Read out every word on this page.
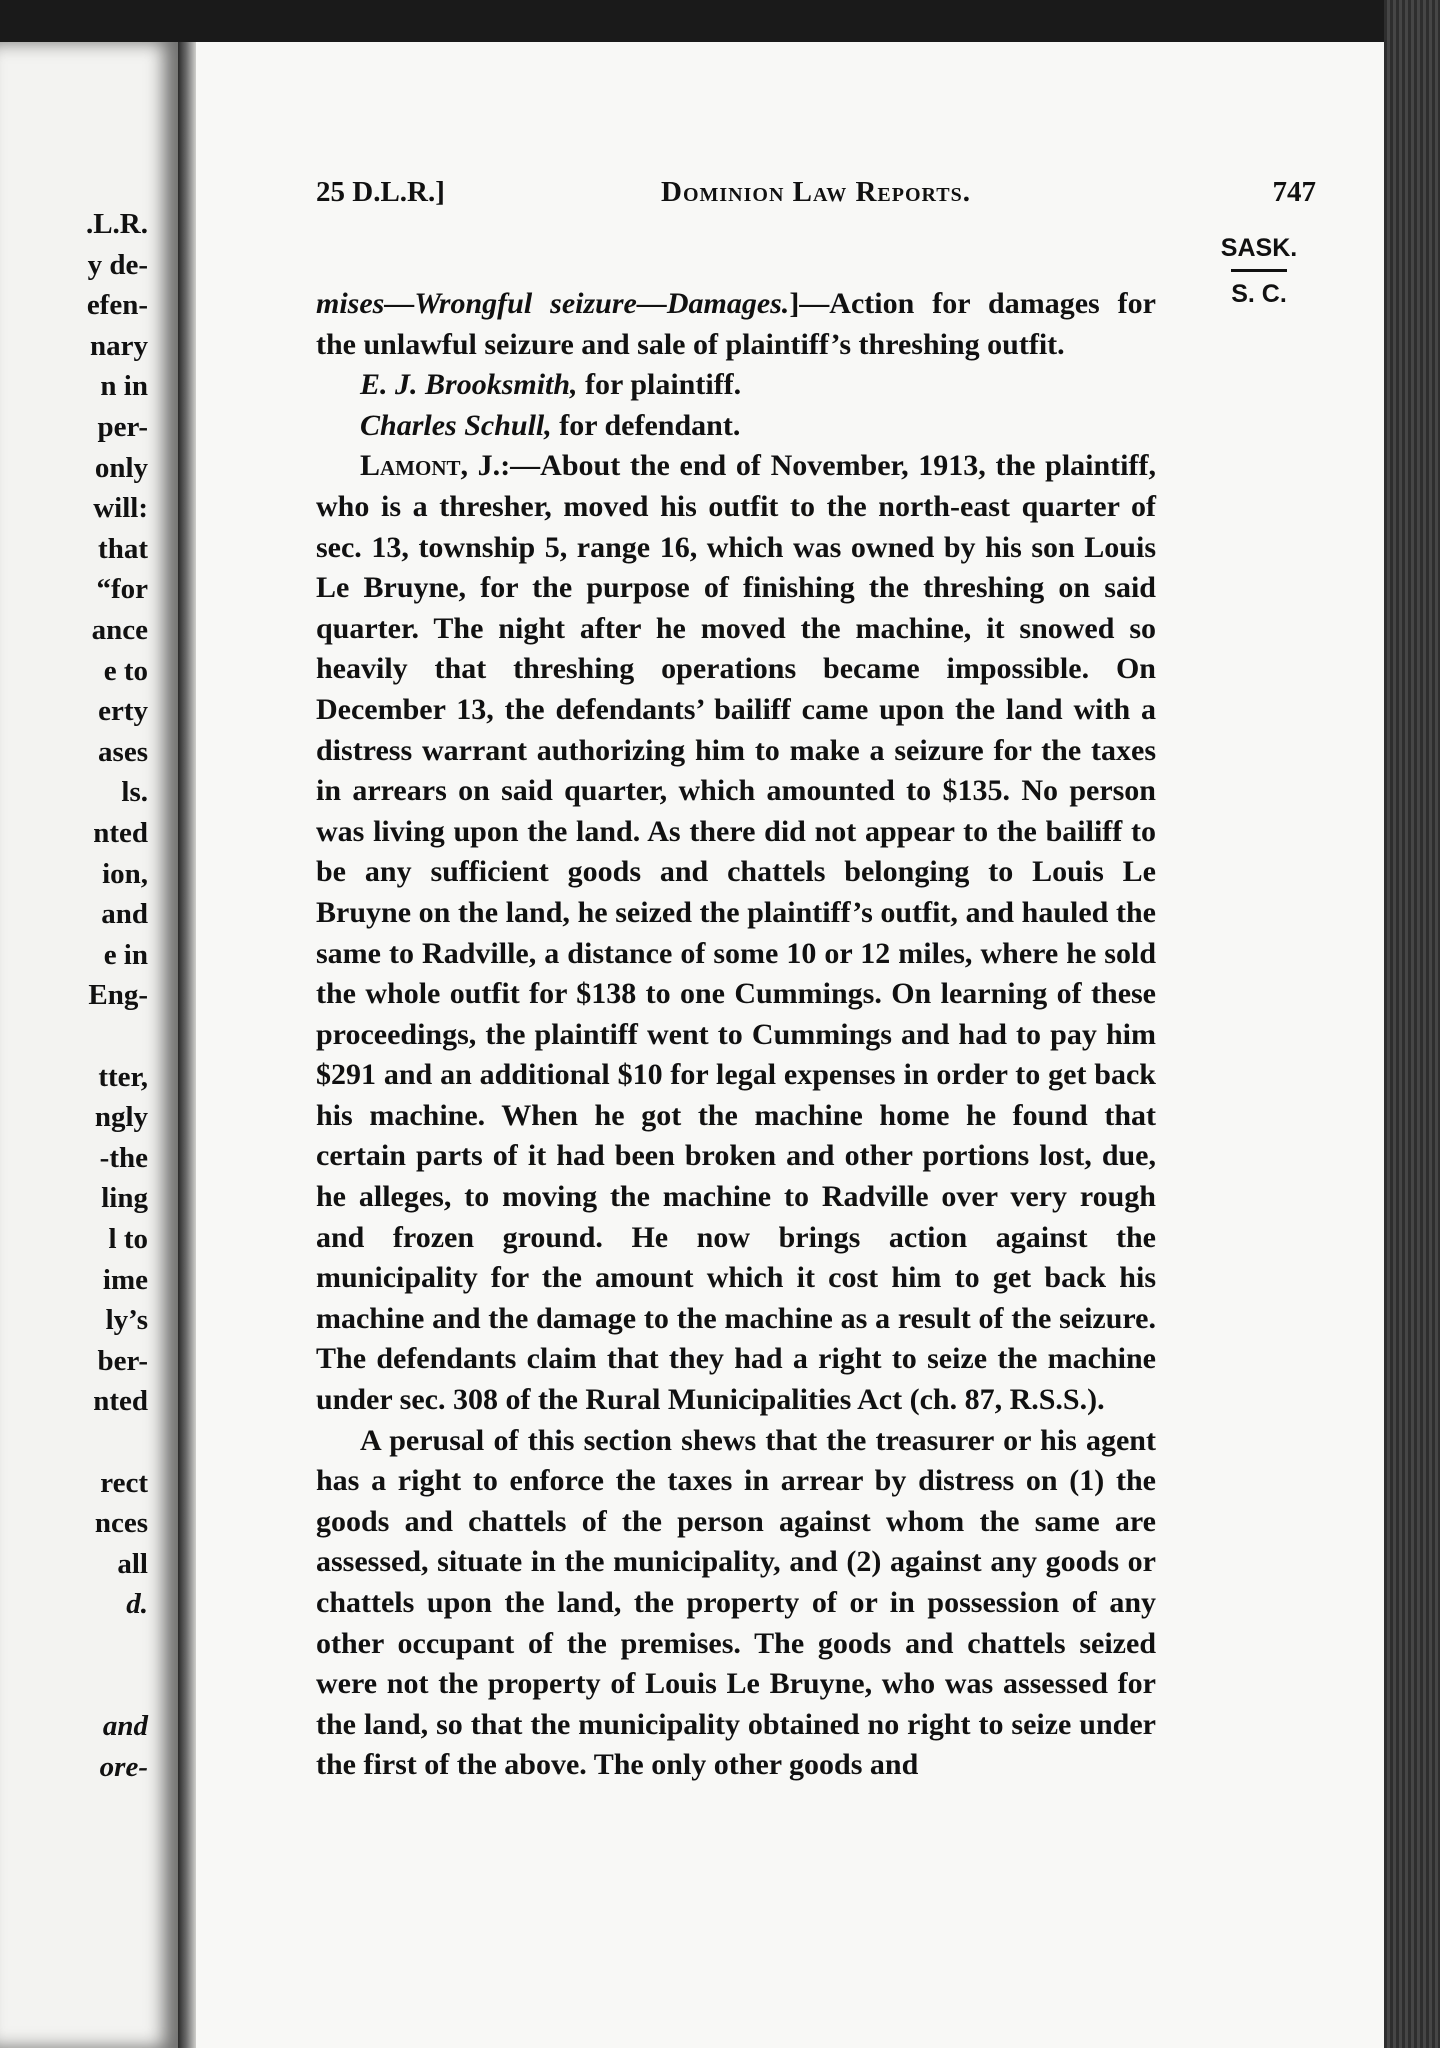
.L.R.
y de-
efen-
nary
n in
per-
only
will:
that
“for
ance
e to
erty
ases
ls.
nted
ion,
and
e in
Eng-
tter,
ngly
-the
ling
l to
ime
ly’s
ber-
nted
rect
nces
all
d.
and
ore-
25 D.L.R.]	Dominion Law Reports.	747
SASK.
S. C.

mises—Wrongful seizure—Damages.]—Action for damages for the unlawful seizure and sale of plaintiff’s threshing outfit.

E. J. Brooksmith, for plaintiff.

Charles Schull, for defendant.

Lamont, J.:—About the end of November, 1913, the plaintiff, who is a thresher, moved his outfit to the north-east quarter of sec. 13, township 5, range 16, which was owned by his son Louis Le Bruyne, for the purpose of finishing the threshing on said quarter. The night after he moved the machine, it snowed so heavily that threshing operations became impossible. On December 13, the defendants’ bailiff came upon the land with a distress warrant authorizing him to make a seizure for the taxes in arrears on said quarter, which amounted to $135. No person was living upon the land. As there did not appear to the bailiff to be any sufficient goods and chattels belonging to Louis Le Bruyne on the land, he seized the plaintiff’s outfit, and hauled the same to Radville, a distance of some 10 or 12 miles, where he sold the whole outfit for $138 to one Cummings. On learning of these proceedings, the plaintiff went to Cummings and had to pay him $291 and an additional $10 for legal expenses in order to get back his machine. When he got the machine home he found that certain parts of it had been broken and other portions lost, due, he alleges, to moving the machine to Radville over very rough and frozen ground. He now brings action against the municipality for the amount which it cost him to get back his machine and the damage to the machine as a result of the seizure. The defendants claim that they had a right to seize the machine under sec. 308 of the Rural Municipalities Act (ch. 87, R.S.S.).

A perusal of this section shews that the treasurer or his agent has a right to enforce the taxes in arrear by distress on (1) the goods and chattels of the person against whom the same are assessed, situate in the municipality, and (2) against any goods or chattels upon the land, the property of or in possession of any other occupant of the premises. The goods and chattels seized were not the property of Louis Le Bruyne, who was assessed for the land, so that the municipality obtained no right to seize under the first of the above. The only other goods and
